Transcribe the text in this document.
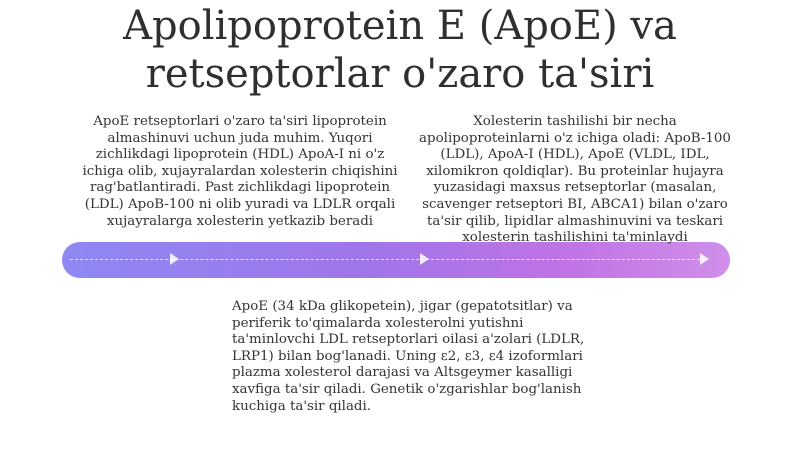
Apolipoprotein E (ApoE) va
retseptorlar o'zaro ta'siri

ApoE retseptorlari o'zaro ta'siri lipoprotein almashinuvi uchun juda muhim. Yuqori zichlikdagi lipoprotein (HDL) ApoA-I ni o'z ichiga olib, xujayralardan xolesterin chiqishini rag'batlantiradi. Past zichlikdagi lipoprotein (LDL) ApoB-100 ni olib yuradi va LDLR orqali xujayralarga xolesterin yetkazib beradi

Xolesterin tashilishi bir necha apolipoproteinlarni o'z ichiga oladi: ApoB-100 (LDL), ApoA-I (HDL), ApoE (VLDL, IDL, xilomikron qoldiqlar). Bu proteinlar hujayra yuzasidagi maxsus retseptorlar (masalan, scavenger retseptori BI, ABCA1) bilan o'zaro ta'sir qilib, lipidlar almashinuvini va teskari xolesterin tashilishini ta'minlaydi

ApoE (34 kDa glikopetein), jigar (gepatotsitlar) va periferik to'qimalarda xolesterolni yutishni ta'minlovchi LDL retseptorlari oilasi a'zolari (LDLR, LRP1) bilan bog'lanadi. Uning ε2, ε3, ε4 izoformlari plazma xolesterol darajasi va Altsgeymer kasalligi xavfiga ta'sir qiladi. Genetik o'zgarishlar bog'lanish kuchiga ta'sir qiladi.
